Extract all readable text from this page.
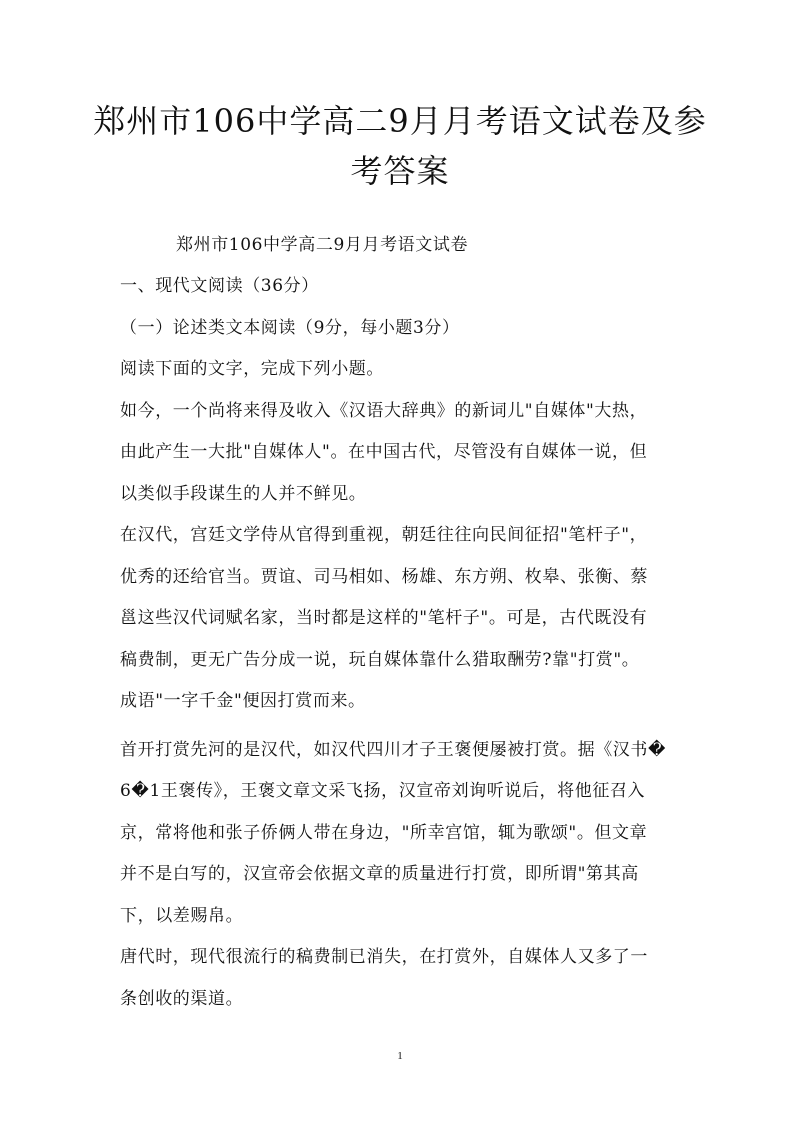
郑州市106中学高二9月月考语文试卷及参
考答案
郑州市106中学高二9月月考语文试卷
一、现代文阅读（36分）
（一）论述类文本阅读（9分，每小题3分）
阅读下面的文字，完成下列小题。
如今，一个尚将来得及收入《汉语大辞典》的新词儿"自媒体"大热，
由此产生一大批"自媒体人"。在中国古代，尽管没有自媒体一说，但
以类似手段谋生的人并不鲜见。
在汉代，宫廷文学侍从官得到重视，朝廷往往向民间征招"笔杆子"，
优秀的还给官当。贾谊、司马相如、杨雄、东方朔、枚皋、张衡、蔡
邕这些汉代词赋名家，当时都是这样的"笔杆子"。可是，古代既没有
稿费制，更无广告分成一说，玩自媒体靠什么猎取酬劳?靠"打赏"。
成语"一字千金"便因打赏而来。
首开打赏先河的是汉代，如汉代四川才子王褒便屡被打赏。据《汉书�
6�1王褒传》，王褒文章文采飞扬，汉宣帝刘询听说后，将他征召入
京，常将他和张子侨俩人带在身边，"所幸宫馆，辄为歌颂"。但文章
并不是白写的，汉宣帝会依据文章的质量进行打赏，即所谓"第其高
下，以差赐帛。
唐代时，现代很流行的稿费制已消失，在打赏外，自媒体人又多了一
条创收的渠道。
1
